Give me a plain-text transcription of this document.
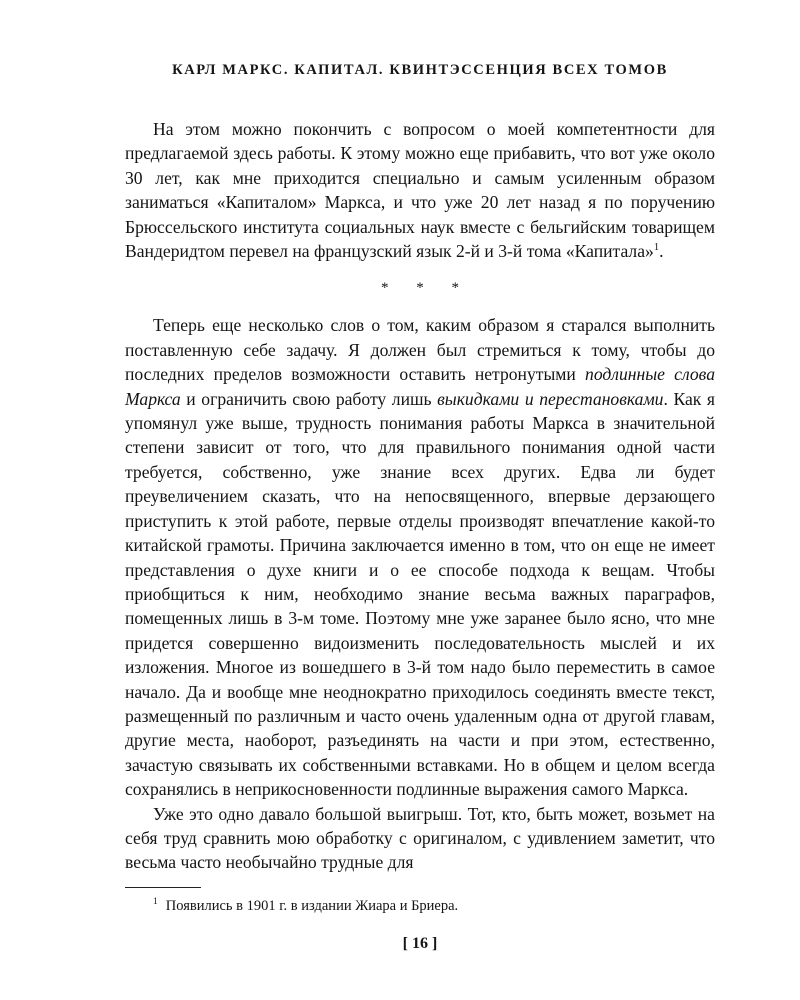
КАРЛ МАРКС. КАПИТАЛ. КВИНТЭССЕНЦИЯ ВСЕХ ТОМОВ

На этом можно покончить с вопросом о моей компетентности для предлагаемой здесь работы. К этому можно еще прибавить, что вот уже около 30 лет, как мне приходится специально и самым усиленным образом заниматься «Капиталом» Маркса, и что уже 20 лет назад я по поручению Брюссельского института социальных наук вместе с бельгийским товарищем Вандеридтом перевел на французский язык 2-й и 3-й тома «Капитала»$^1$.

* * *

Теперь еще несколько слов о том, каким образом я старался выполнить поставленную себе задачу. Я должен был стремиться к тому, чтобы до последних пределов возможности оставить нетронутыми подлинные слова Маркса и ограничить свою работу лишь выкидками и перестановками. Как я упомянул уже выше, трудность понимания работы Маркса в значительной степени зависит от того, что для правильного понимания одной части требуется, собственно, уже знание всех других. Едва ли будет преувеличением сказать, что на непосвященного, впервые дерзающего приступить к этой работе, первые отделы производят впечатление какой-то китайской грамоты. Причина заключается именно в том, что он еще не имеет представления о духе книги и о ее способе подхода к вещам. Чтобы приобщиться к ним, необходимо знание весьма важных параграфов, помещенных лишь в 3-м томе. Поэтому мне уже заранее было ясно, что мне придется совершенно видоизменить последовательность мыслей и их изложения. Многое из вошедшего в 3-й том надо было переместить в самое начало. Да и вообще мне неоднократно приходилось соединять вместе текст, размещенный по различным и часто очень удаленным одна от другой главам, другие места, наоборот, разъединять на части и при этом, естественно, зачастую связывать их собственными вставками. Но в общем и целом всегда сохранялись в неприкосновенности подлинные выражения самого Маркса.

Уже это одно давало большой выигрыш. Тот, кто, быть может, возьмет на себя труд сравнить мою обработку с оригиналом, с удивлением заметит, что весьма часто необычайно трудные для

$^1$ Появились в 1901 г. в издании Жиара и Бриера.

[ 16 ]
